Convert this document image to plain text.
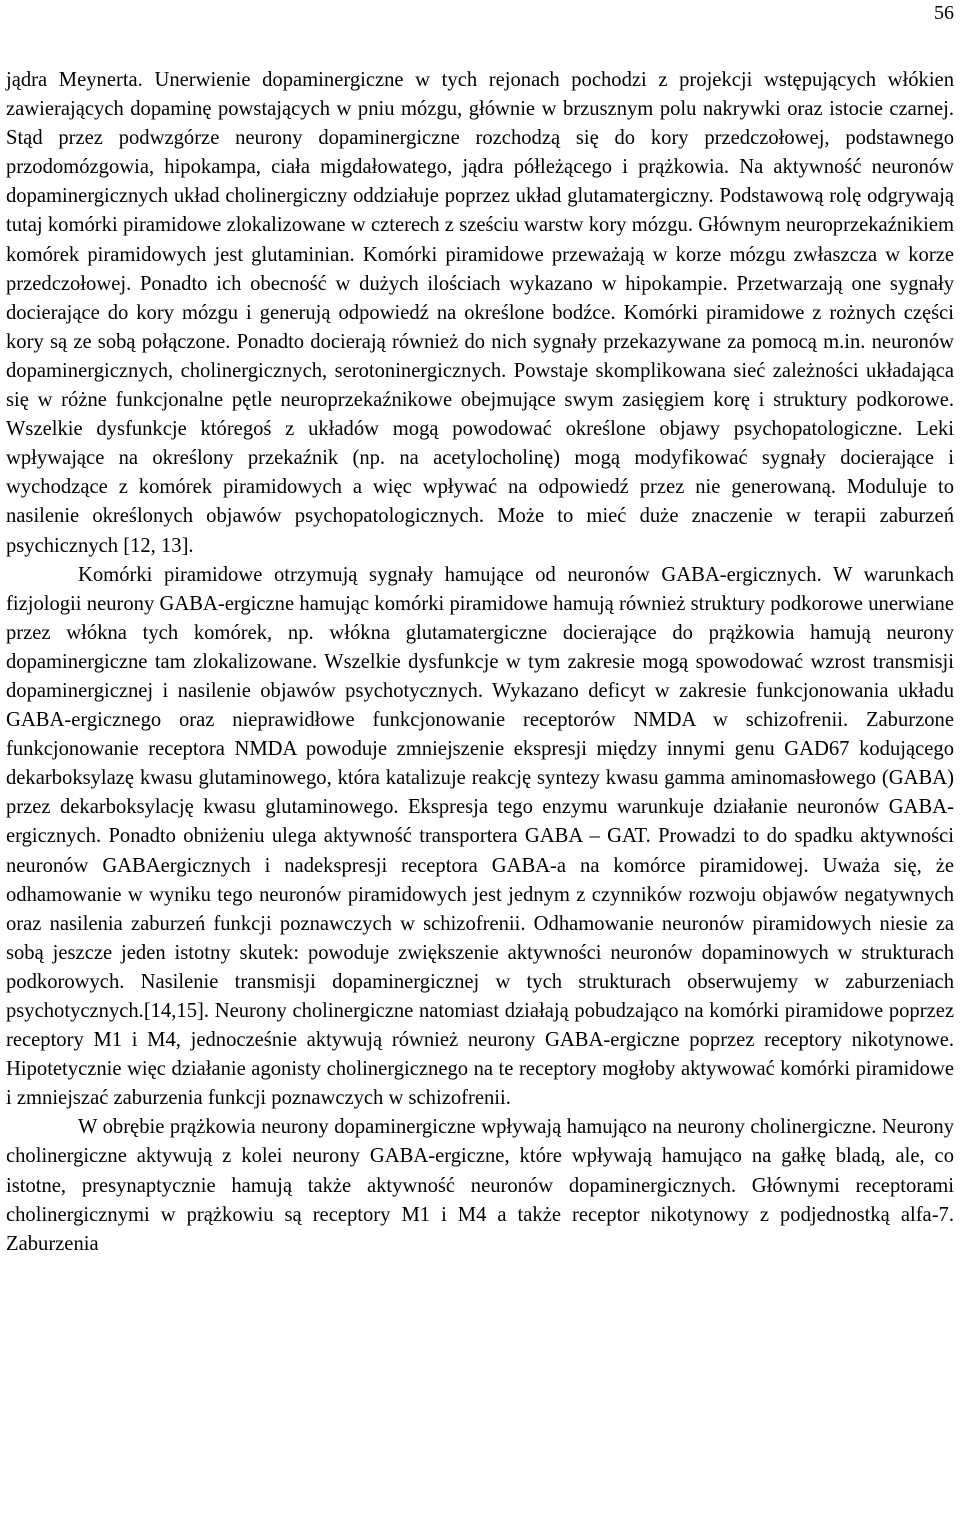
56

jądra Meynerta. Unerwienie dopaminergiczne w tych rejonach pochodzi z projekcji wstępujących włókien zawierających dopaminę powstających w pniu mózgu, głównie w brzusznym polu nakrywki oraz istocie czarnej. Stąd przez podwzgórze neurony dopaminergiczne rozchodzą się do kory przedczołowej, podstawnego przodomózgowia, hipokampa, ciała migdałowatego, jądra półleżącego i prążkowia. Na aktywność neuronów dopaminergicznych układ cholinergiczny oddziałuje poprzez układ glutamatergiczny. Podstawową rolę odgrywają tutaj komórki piramidowe zlokalizowane w czterech z sześciu warstw kory mózgu. Głównym neuroprzekaźnikiem komórek piramidowych jest glutaminian. Komórki piramidowe przeważają w korze mózgu zwłaszcza w korze przedczołowej. Ponadto ich obecność w dużych ilościach wykazano w hipokampie. Przetwarzają one sygnały docierające do kory mózgu i generują odpowiedź na określone bodźce. Komórki piramidowe z rożnych części kory są ze sobą połączone. Ponadto docierają również do nich sygnały przekazywane za pomocą m.in. neuronów dopaminergicznych, cholinergicznych, serotoninergicznych. Powstaje skomplikowana sieć zależności układająca się w różne funkcjonalne pętle neuroprzekaźnikowe obejmujące swym zasięgiem korę i struktury podkorowe. Wszelkie dysfunkcje któregoś z układów mogą powodować określone objawy psychopatologiczne. Leki wpływające na określony przekaźnik (np. na acetylocholinę) mogą modyfikować sygnały docierające i wychodzące z komórek piramidowych a więc wpływać na odpowiedź przez nie generowaną. Moduluje to nasilenie określonych objawów psychopatologicznych. Może to mieć duże znaczenie w terapii zaburzeń psychicznych [12, 13].

Komórki piramidowe otrzymują sygnały hamujące od neuronów GABA-ergicznych. W warunkach fizjologii neurony GABA-ergiczne hamując komórki piramidowe hamują również struktury podkorowe unerwiane przez włókna tych komórek, np. włókna glutamatergiczne docierające do prążkowia hamują neurony dopaminergiczne tam zlokalizowane. Wszelkie dysfunkcje w tym zakresie mogą spowodować wzrost transmisji dopaminergicznej i nasilenie objawów psychotycznych. Wykazano deficyt w zakresie funkcjonowania układu GABA-ergicznego oraz nieprawidłowe funkcjonowanie receptorów NMDA w schizofrenii. Zaburzone funkcjonowanie receptora NMDA powoduje zmniejszenie ekspresji między innymi genu GAD67 kodującego dekarboksylazę kwasu glutaminowego, która katalizuje reakcję syntezy kwasu gamma aminomasłowego (GABA) przez dekarboksylację kwasu glutaminowego. Ekspresja tego enzymu warunkuje działanie neuronów GABA-ergicznych. Ponadto obniżeniu ulega aktywność transportera GABA – GAT. Prowadzi to do spadku aktywności neuronów GABAergicznych i nadekspresji receptora GABA-a na komórce piramidowej. Uważa się, że odhamowanie w wyniku tego neuronów piramidowych jest jednym z czynników rozwoju objawów negatywnych oraz nasilenia zaburzeń funkcji poznawczych w schizofrenii. Odhamowanie neuronów piramidowych niesie za sobą jeszcze jeden istotny skutek: powoduje zwiększenie aktywności neuronów dopaminowych w strukturach podkorowych. Nasilenie transmisji dopaminergicznej w tych strukturach obserwujemy w zaburzeniach psychotycznych.[14,15]. Neurony cholinergiczne natomiast działają pobudzająco na komórki piramidowe poprzez receptory M1 i M4, jednocześnie aktywują również neurony GABA-ergiczne poprzez receptory nikotynowe. Hipotetycznie więc działanie agonisty cholinergicznego na te receptory mogłoby aktywować komórki piramidowe i zmniejszać zaburzenia funkcji poznawczych w schizofrenii.

W obrębie prążkowia neurony dopaminergiczne wpływają hamująco na neurony cholinergiczne. Neurony cholinergiczne aktywują z kolei neurony GABA-ergiczne, które wpływają hamująco na gałkę bladą, ale, co istotne, presynaptycznie hamują także aktywność neuronów dopaminergicznych. Głównymi receptorami cholinergicznymi w prążkowiu są receptory M1 i M4 a także receptor nikotynowy z podjednostką alfa-7. Zaburzenia
